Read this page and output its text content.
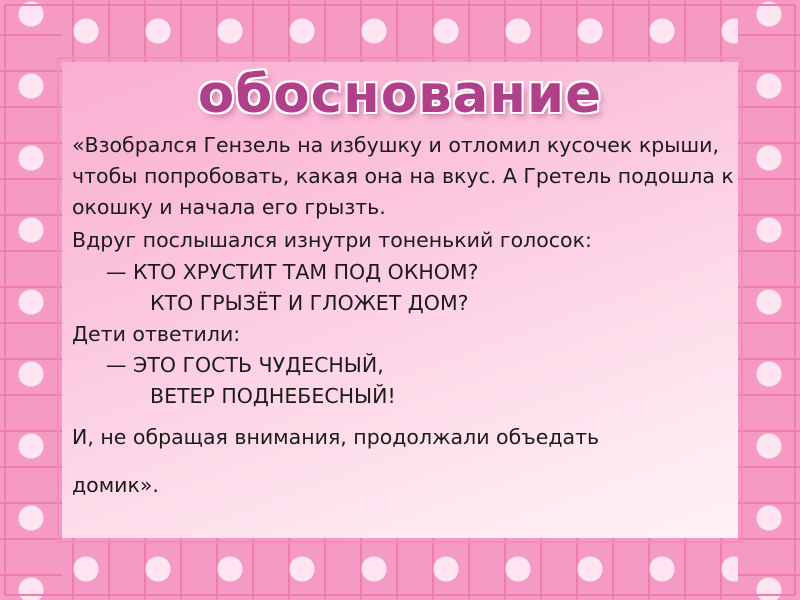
обоснование

«Взобрался Гензель на избушку и отломил кусочек крыши, чтобы попробовать, какая она на вкус. А Гретель подошла к окошку и начала его грызть.

Вдруг послышался изнутри тоненький голосок:

— КТО ХРУСТИТ ТАМ ПОД ОКНОМ?

КТО ГРЫЗЁТ И ГЛОЖЕТ ДОМ?

Дети ответили:

— ЭТО ГОСТЬ ЧУДЕСНЫЙ,

ВЕТЕР ПОДНЕБЕСНЫЙ!

И, не обращая внимания, продолжали объедать

домик».
